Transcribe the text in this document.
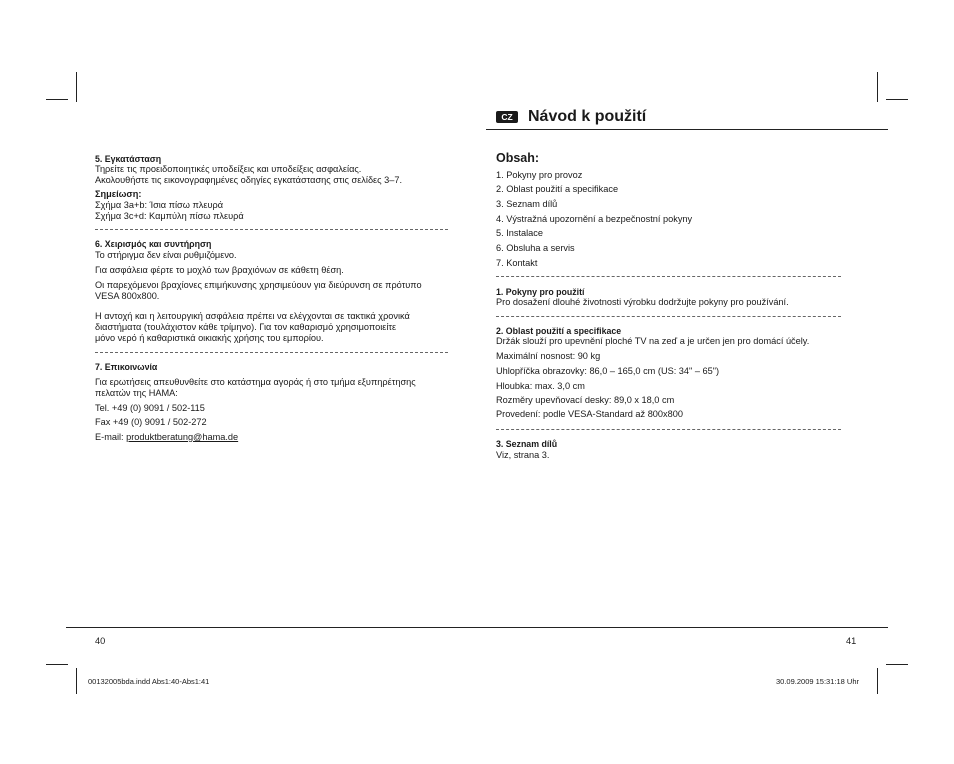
5. Εγκατάσταση
Τηρείτε τις προειδοποιητικές υποδείξεις και υποδείξεις ασφαλείας.
Ακολουθήστε τις εικονογραφημένες οδηγίες εγκατάστασης στις σελίδες 3–7.
Σημείωση:
Σχήμα 3a+b: Ίσια πίσω πλευρά
Σχήμα 3c+d: Καμπύλη πίσω πλευρά
6. Χειρισμός και συντήρηση
Το στήριγμα δεν είναι ρυθμιζόμενο.
Για ασφάλεια φέρτε το μοχλό των βραχιόνων σε κάθετη θέση.
Οι παρεχόμενοι βραχίονες επιμήκυνσης χρησιμεύουν για διεύρυνση σε πρότυπο
VESA 800x800.
Η αντοχή και η λειτουργική ασφάλεια πρέπει να ελέγχονται σε τακτικά χρονικά
διαστήματα (τουλάχιστον κάθε τρίμηνο). Για τον καθαρισμό χρησιμοποιείτε
μόνο νερό ή καθαριστικά οικιακής χρήσης του εμπορίου.
7. Επικοινωνία
Για ερωτήσεις απευθυνθείτε στο κατάστημα αγοράς ή στο τμήμα εξυπηρέτησης
πελατών της HAMA:
Tel. +49 (0) 9091 / 502-115
Fax +49 (0) 9091 / 502-272
E-mail: produktberatung@hama.de
40
CZ Návod k použití
Obsah:
1. Pokyny pro provoz
2. Oblast použití a specifikace
3. Seznam dílů
4. Výstražná upozornění a bezpečnostní pokyny
5. Instalace
6. Obsluha a servis
7. Kontakt
1. Pokyny pro použití
Pro dosažení dlouhé životnosti výrobku dodržujte pokyny pro používání.
2. Oblast použití a specifikace
Držák slouží pro upevnění ploché TV na zeď a je určen jen pro domácí účely.
Maximální nosnost: 90 kg
Uhlopříčka obrazovky: 86,0 – 165,0 cm (US: 34" – 65")
Hloubka: max. 3,0 cm
Rozměry upevňovací desky: 89,0 x 18,0 cm
Provedení: podle VESA-Standard až 800x800
3. Seznam dílů
Viz, strana 3.
41
00132005bda.indd Abs1:40-Abs1:41	30.09.2009 15:31:18 Uhr
